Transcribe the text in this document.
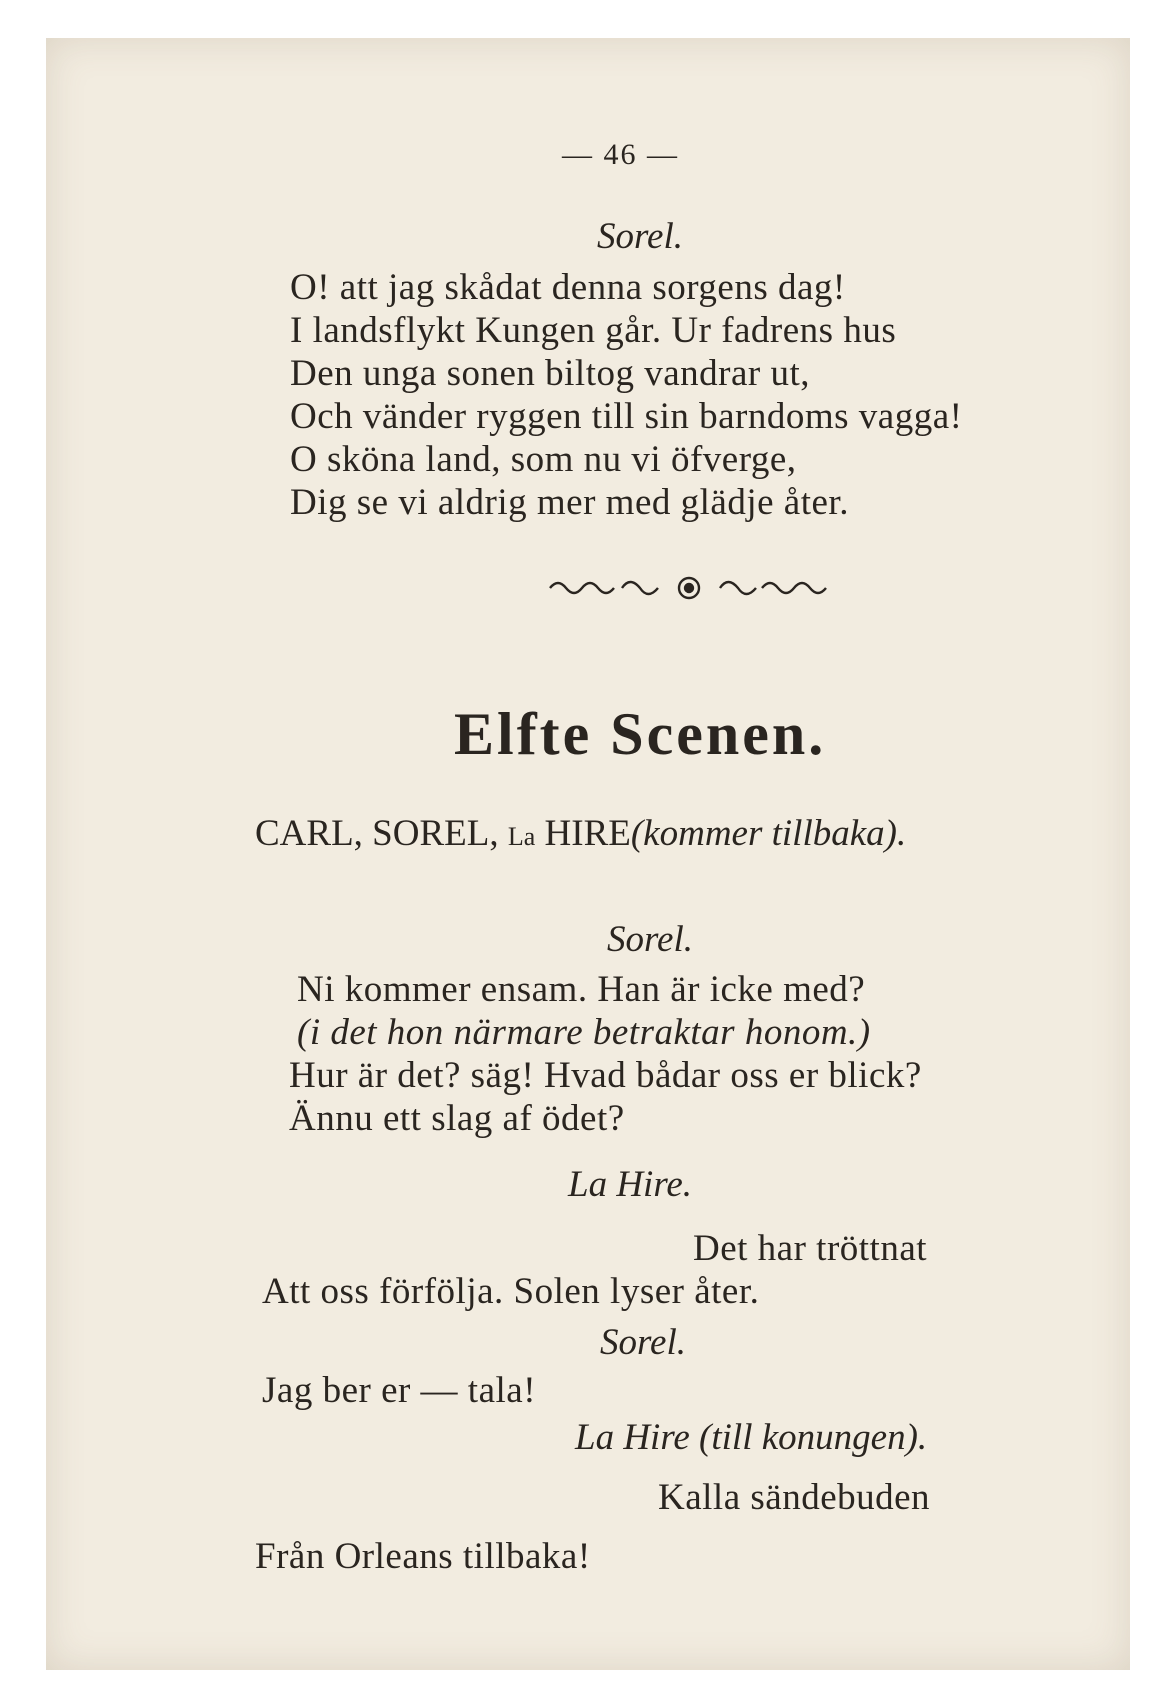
— 46 —
Sorel.
O! att jag skådat denna sorgens dag!
I landsflykt Kungen går. Ur fadrens hus
Den unga sonen biltog vandrar ut,
Och vänder ryggen till sin barndoms vagga!
O sköna land, som nu vi öfverge,
Dig se vi aldrig mer med glädje åter.
Elfte Scenen.
CARL, SOREL, La HIRE(kommer tillbaka).
Sorel.
Ni kommer ensam. Han är icke med?
(i det hon närmare betraktar honom.)
Hur är det? säg! Hvad bådar oss er blick?
Ännu ett slag af ödet?
La Hire.
Det har tröttnat
Att oss förfölja. Solen lyser åter.
Sorel.
Jag ber er — tala!
La Hire (till konungen).
Kalla sändebuden
Från Orleans tillbaka!
